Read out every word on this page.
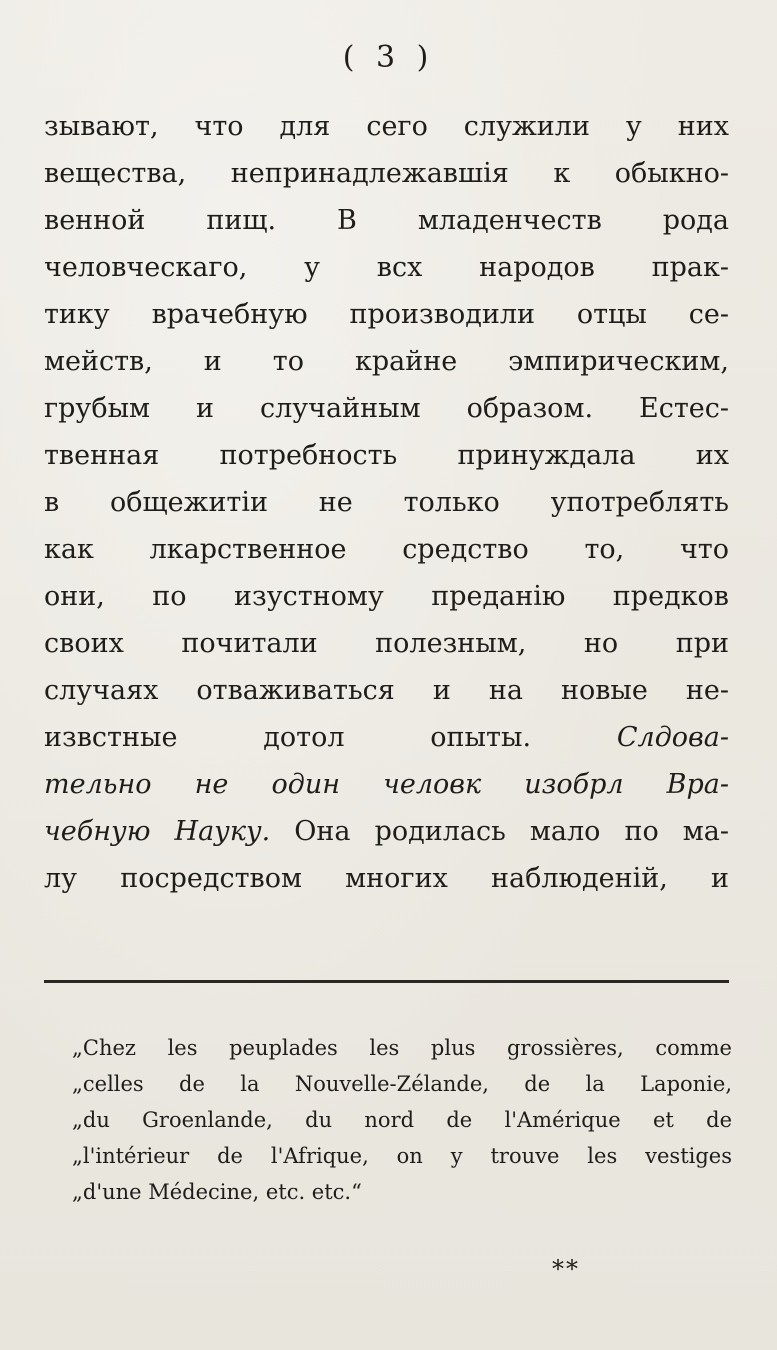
( 3 )
зывают, что для сего служили у них
вещества, непринадлежавшія к обыкно-
венной пищ. В младенчеств рода
человческаго, у всх народов прак-
тику врачебную производили отцы се-
мейств, и то крайне эмпирическим,
грубым и случайным образом. Естес-
твенная потребность принуждала их
в общежитіи не только употреблять
как лкарственное средство то, что
они, по изустному преданію предков
своих почитали полезным, но при
случаях отваживаться и на новые не-
извстные дотол опыты.	Слдова-
тельно не один человк изобрл Вра-
чебную Науку. Она родилась мало по ма-
лу посредством многих наблюденій, и
„Chez les peuplades les plus grossières, comme
„celles de la Nouvelle-Zélande, de la Laponie,
„du Groenlande, du nord de l'Amérique et de
„l'intérieur de l'Afrique, on y trouve les vestiges
„d'une Médecine, etc. etc.“
**
